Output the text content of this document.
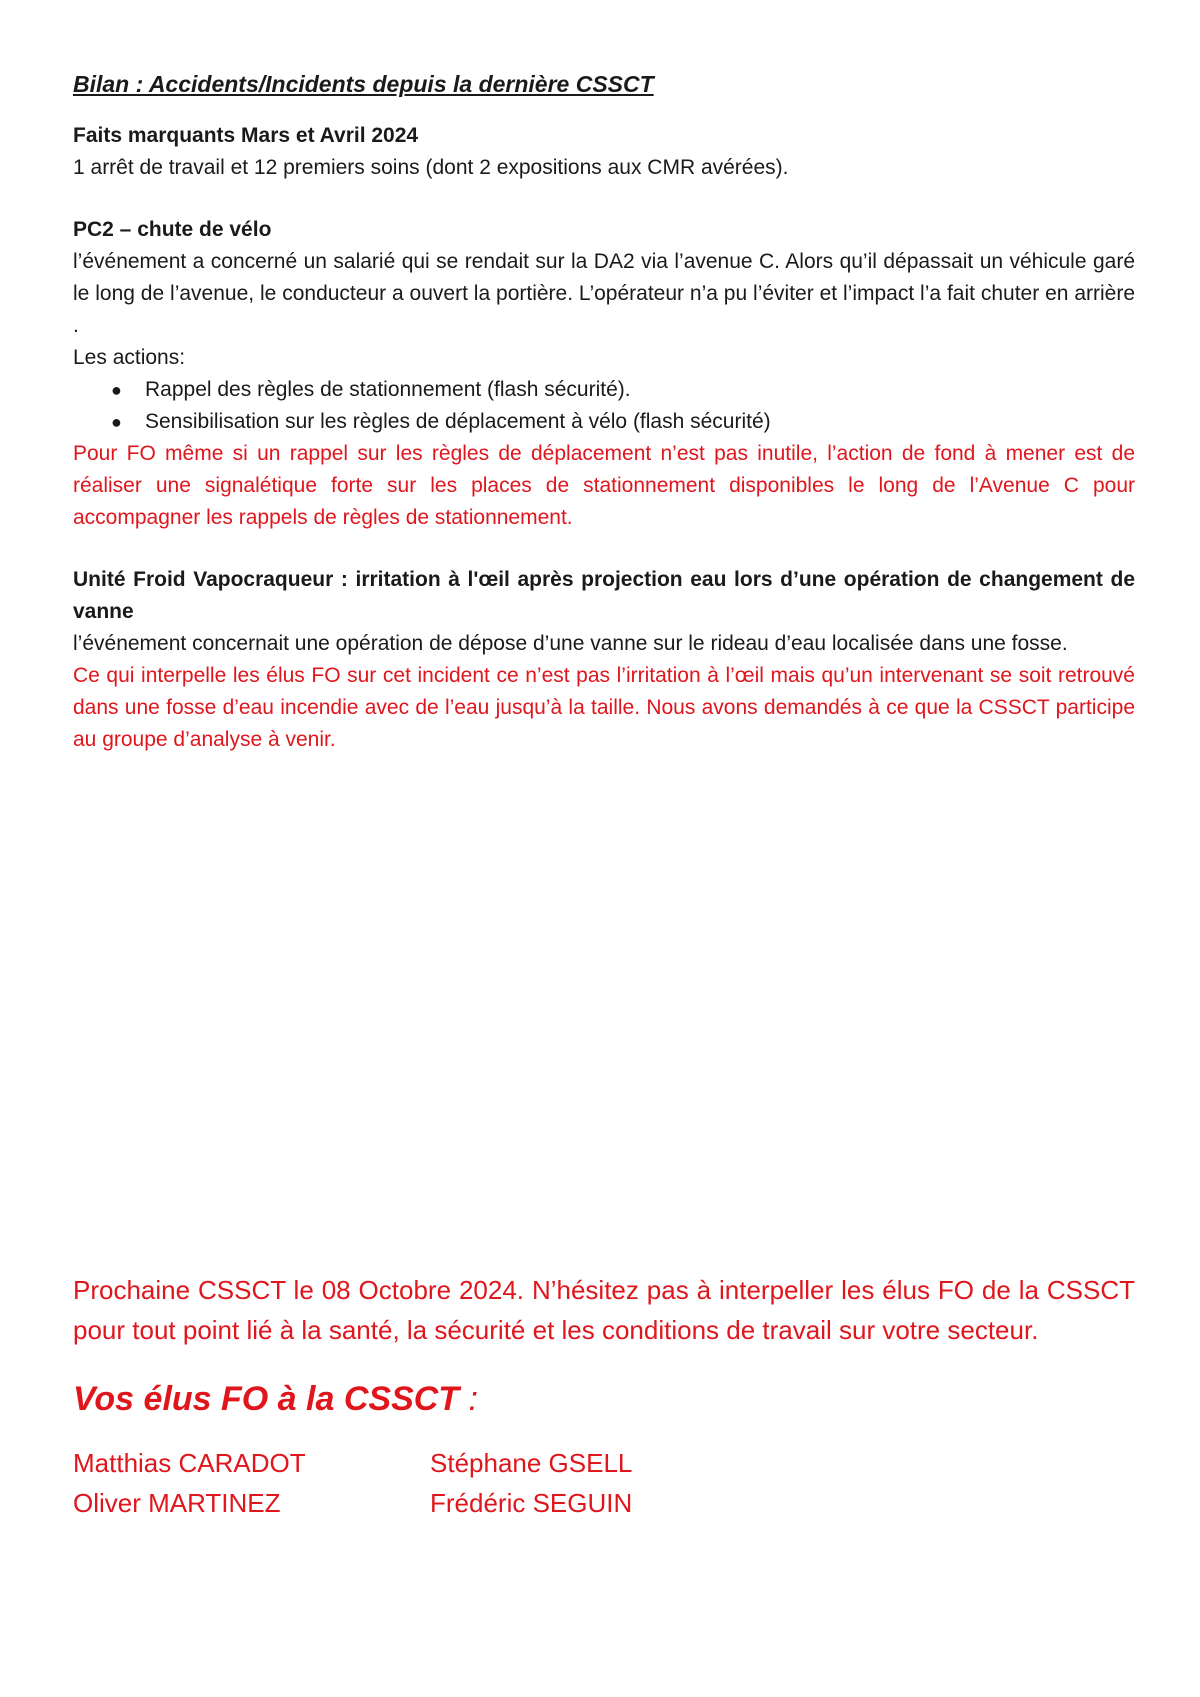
Bilan : Accidents/Incidents depuis la dernière CSSCT

Faits marquants Mars et Avril 2024

1 arrêt de travail et 12 premiers soins (dont 2 expositions aux CMR avérées).

PC2 – chute de vélo

l’événement a concerné un salarié qui se rendait sur la DA2 via l’avenue C. Alors qu’il dépassait un véhicule garé le long de l’avenue, le conducteur a ouvert la portière. L’opérateur n’a pu l’éviter et l’impact l’a fait chuter en arrière .

Les actions:

● Rappel des règles de stationnement (flash sécurité).
● Sensibilisation sur les règles de déplacement à vélo (flash sécurité)

Pour FO même si un rappel sur les règles de déplacement n’est pas inutile, l’action de fond à mener est de réaliser une signalétique forte sur les places de stationnement disponibles le long de l’Avenue C pour accompagner les rappels de règles de stationnement.

Unité Froid Vapocraqueur : irritation à l'œil après projection eau lors d’une opération de changement de vanne

l’événement concernait une opération de dépose d’une vanne sur le rideau d’eau localisée dans une fosse.

Ce qui interpelle les élus FO sur cet incident ce n’est pas l’irritation à l’œil mais qu’un intervenant se soit retrouvé dans une fosse d’eau incendie avec de l’eau jusqu’à la taille. Nous avons demandés à ce que la CSSCT participe au groupe d’analyse à venir.

Prochaine CSSCT le 08 Octobre 2024. N’hésitez pas à interpeller les élus FO de la CSSCT pour tout point lié à la santé, la sécurité et les conditions de travail sur votre secteur.

Vos élus FO à la CSSCT :
Matthias CARADOT	Stéphane GSELL
Oliver MARTINEZ	Frédéric SEGUIN
